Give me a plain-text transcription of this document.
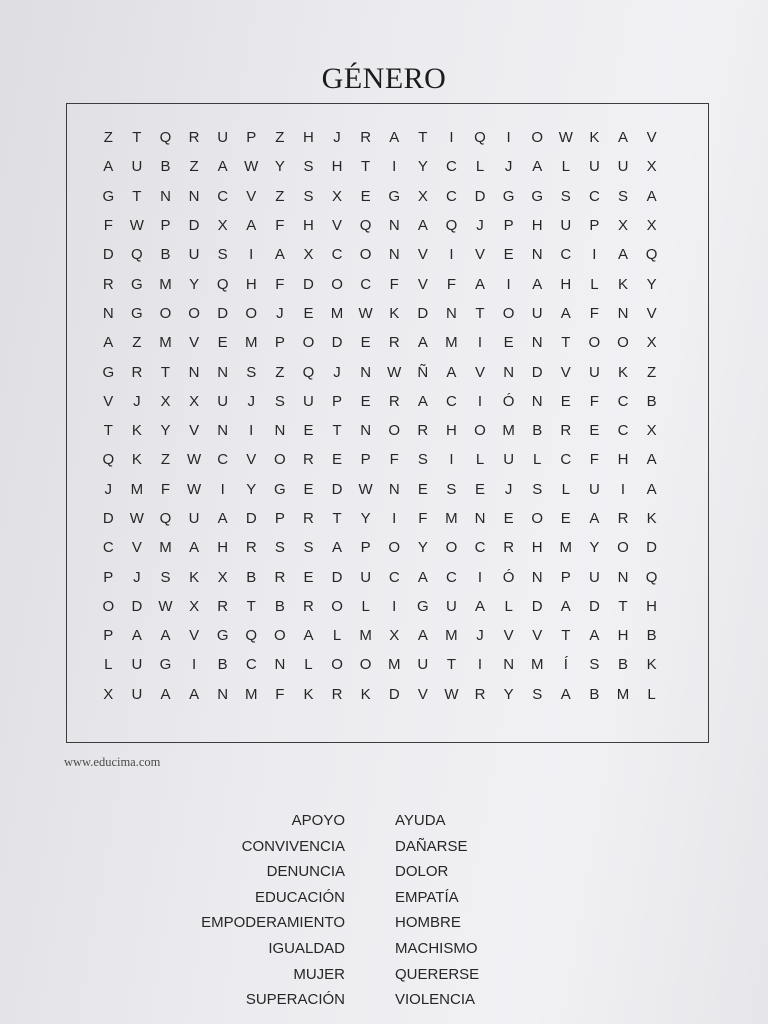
GÉNERO
Z	T	Q	R	U	P	Z	H	J	R	A	T	I	Q	I	O	W	K	A	V
A	U	B	Z	A	W	Y	S	H	T	I	Y	C	L	J	A	L	U	U	X
G	T	N	N	C	V	Z	S	X	E	G	X	C	D	G	G	S	C	S	A
F	W	P	D	X	A	F	H	V	Q	N	A	Q	J	P	H	U	P	X	X
D	Q	B	U	S	I	A	X	C	O	N	V	I	V	E	N	C	I	A	Q
R	G	M	Y	Q	H	F	D	O	C	F	V	F	A	I	A	H	L	K	Y
N	G	O	O	D	O	J	E	M	W	K	D	N	T	O	U	A	F	N	V
A	Z	M	V	E	M	P	O	D	E	R	A	M	I	E	N	T	O	O	X
G	R	T	N	N	S	Z	Q	J	N	W	Ñ	A	V	N	D	V	U	K	Z
V	J	X	X	U	J	S	U	P	E	R	A	C	I	Ó	N	E	F	C	B
T	K	Y	V	N	I	N	E	T	N	O	R	H	O	M	B	R	E	C	X
Q	K	Z	W	C	V	O	R	E	P	F	S	I	L	U	L	C	F	H	A
J	M	F	W	I	Y	G	E	D	W	N	E	S	E	J	S	L	U	I	A
D	W	Q	U	A	D	P	R	T	Y	I	F	M	N	E	O	E	A	R	K
C	V	M	A	H	R	S	S	A	P	O	Y	O	C	R	H	M	Y	O	D
P	J	S	K	X	B	R	E	D	U	C	A	C	I	Ó	N	P	U	N	Q
O	D	W	X	R	T	B	R	O	L	I	G	U	A	L	D	A	D	T	H
P	A	A	V	G	Q	O	A	L	M	X	A	M	J	V	V	T	A	H	B
L	U	G	I	B	C	N	L	O	O	M	U	T	I	N	M	Í	S	B	K
X	U	A	A	N	M	F	K	R	K	D	V	W	R	Y	S	A	B	M	L
www.educima.com
APOYO
CONVIVENCIA
DENUNCIA
EDUCACIÓN
EMPODERAMIENTO
IGUALDAD
MUJER
SUPERACIÓN
AYUDA
DAÑARSE
DOLOR
EMPATÍA
HOMBRE
MACHISMO
QUERERSE
VIOLENCIA
